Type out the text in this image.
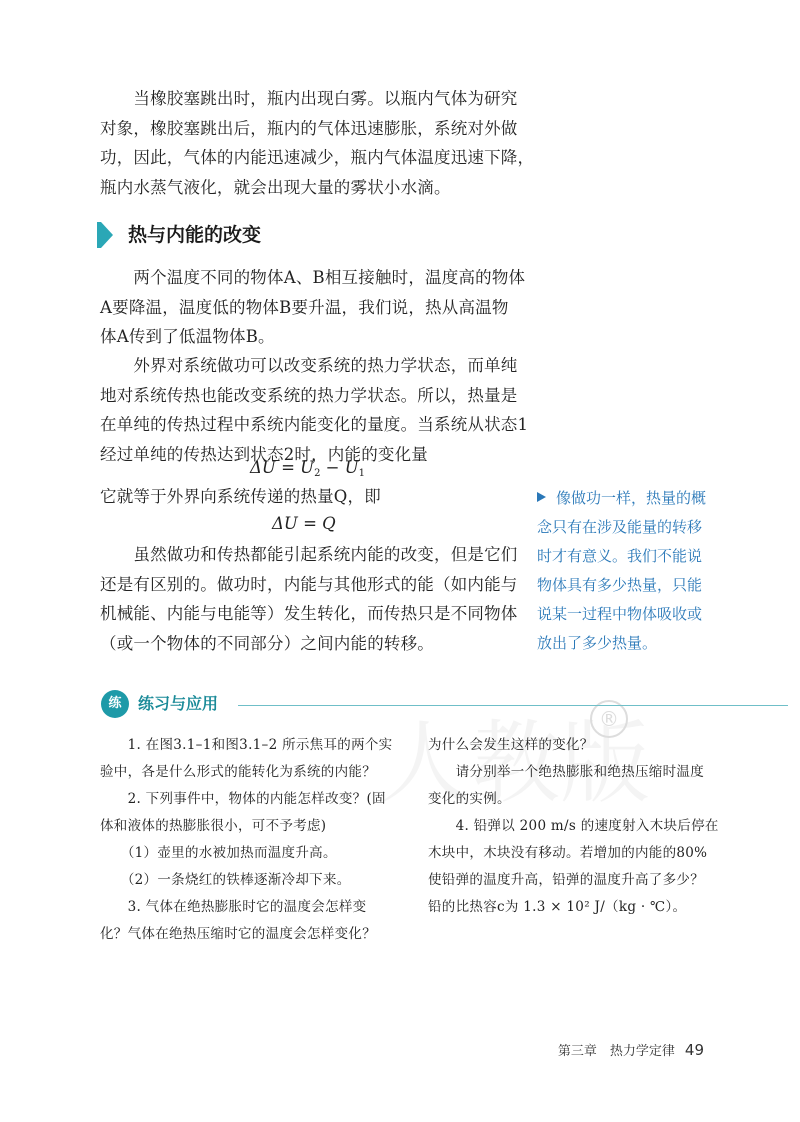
　　当橡胶塞跳出时，瓶内出现白雾。以瓶内气体为研究
对象，橡胶塞跳出后，瓶内的气体迅速膨胀，系统对外做
功，因此，气体的内能迅速减少，瓶内气体温度迅速下降，
瓶内水蒸气液化，就会出现大量的雾状小水滴。
热与内能的改变
　　两个温度不同的物体A、B相互接触时，温度高的物体
A要降温，温度低的物体B要升温，我们说，热从高温物
体A传到了低温物体B。
　　外界对系统做功可以改变系统的热力学状态，而单纯
地对系统传热也能改变系统的热力学状态。所以，热量是
在单纯的传热过程中系统内能变化的量度。当系统从状态1
经过单纯的传热达到状态2时，内能的变化量
$\Delta U = U_2 - U_1$
它就等于外界向系统传递的热量Q，即
ΔU = Q
　　虽然做功和传热都能引起系统内能的改变，但是它们
还是有区别的。做功时，内能与其他形式的能（如内能与
机械能、内能与电能等）发生转化，而传热只是不同物体
（或一个物体的不同部分）之间内能的转移。
像做功一样，热量的概
念只有在涉及能量的转移
时才有意义。我们不能说
物体具有多少热量，只能
说某一过程中物体吸收或
放出了多少热量。
®
练	练习与应用
　　1. 在图3.1–1和图3.1–2 所示焦耳的两个实
验中，各是什么形式的能转化为系统的内能？
　　2. 下列事件中，物体的内能怎样改变？(固
体和液体的热膨胀很小，可不予考虑)
　　（1）壶里的水被加热而温度升高。
　　（2）一条烧红的铁棒逐渐冷却下来。
　　3. 气体在绝热膨胀时它的温度会怎样变
化？气体在绝热压缩时它的温度会怎样变化？
为什么会发生这样的变化？
　　请分别举一个绝热膨胀和绝热压缩时温度
变化的实例。
　　4. 铅弹以 200 m/s 的速度射入木块后停在
木块中，木块没有移动。若增加的内能的80%
使铅弹的温度升高，铅弹的温度升高了多少？
铅的比热容c为 1.3 × 10² J/（kg · ℃）。
第三章　热力学定律 49
